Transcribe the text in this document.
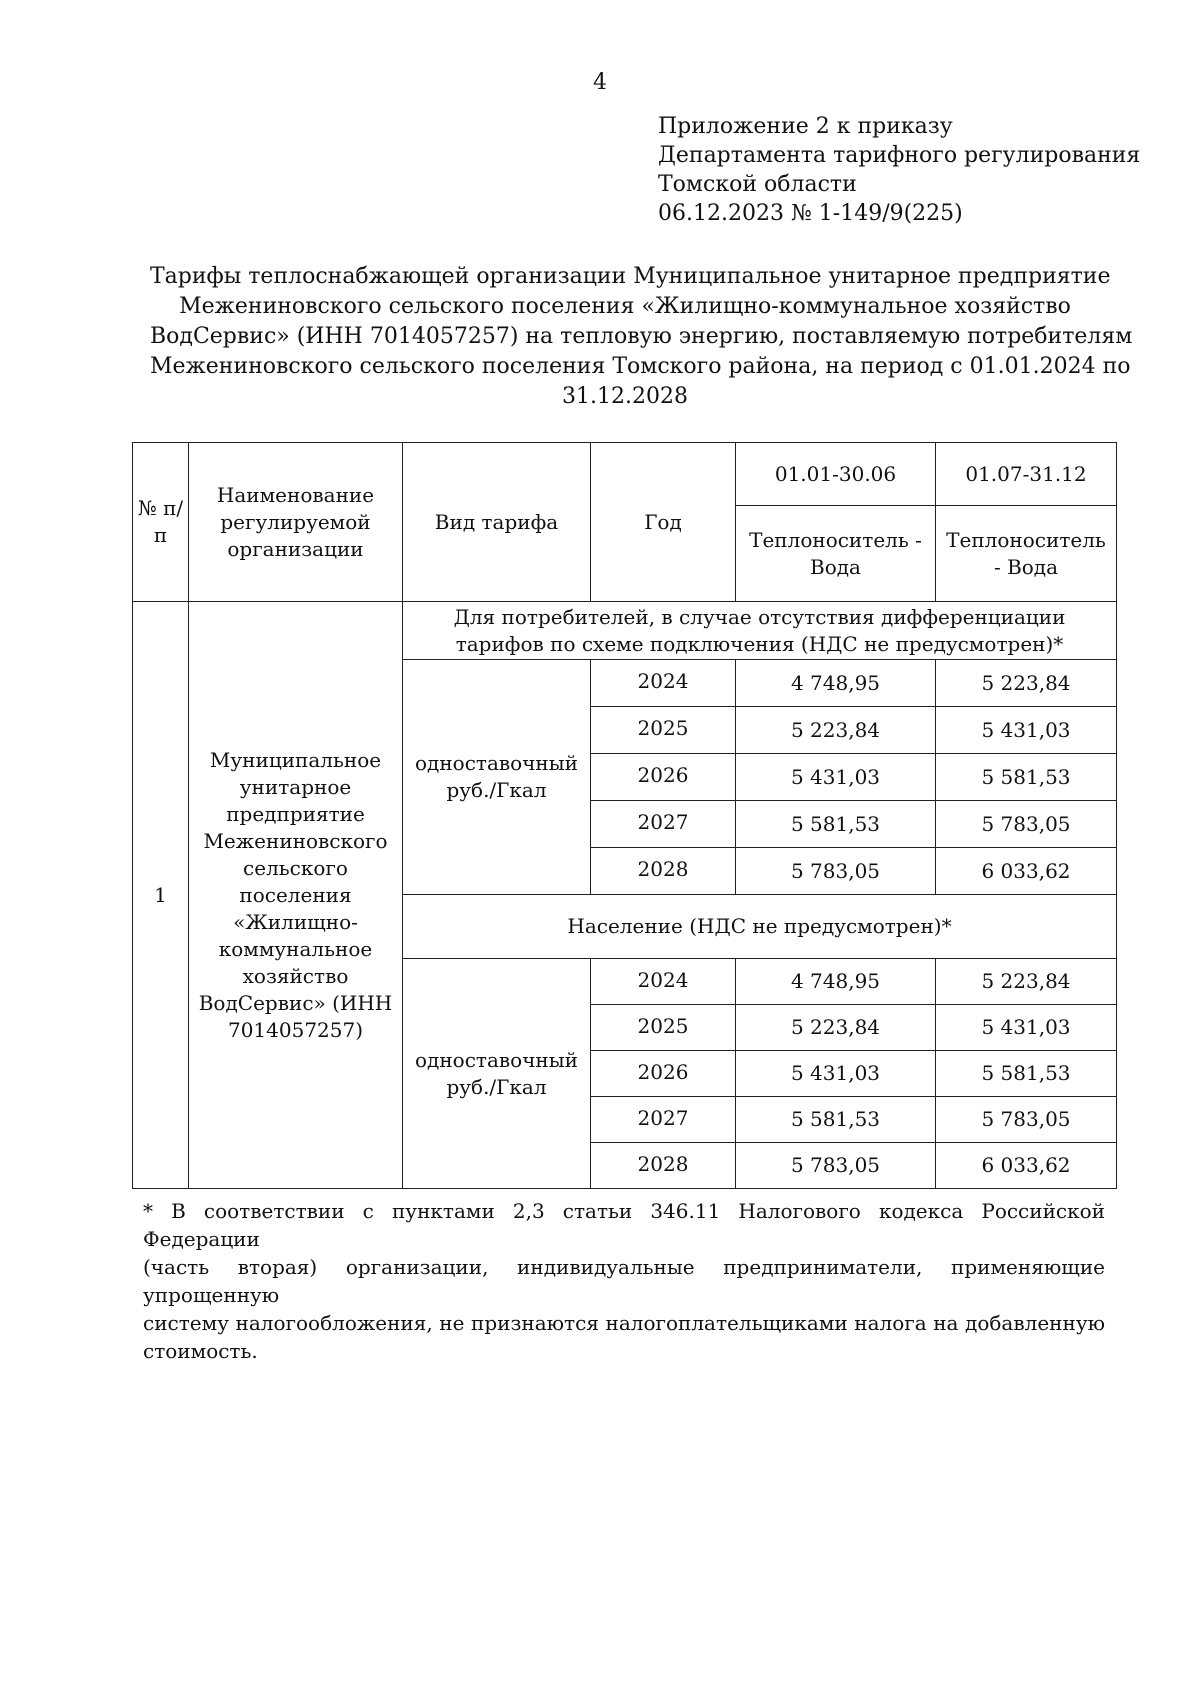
4
Приложение 2 к приказу
Департамента тарифного регулирования
Томской области
06.12.2023 № 1-149/9(225)
Тарифы теплоснабжающей организации Муниципальное унитарное предприятие
Межениновского сельского поселения «Жилищно-коммунальное хозяйство
ВодСервис» (ИНН 7014057257) на тепловую энергию, поставляемую потребителям
Межениновского сельского поселения Томского района, на период с 01.01.2024 по
31.12.2028
№ п/п	Наименование регулируемой организации	Вид тарифа	Год	01.01-30.06	01.07-31.12
				Теплоноситель - Вода	Теплоноситель - Вода
1	Муниципальное унитарное предприятие Межениновского сельского поселения «Жилищно-коммунальное хозяйство ВодСервис» (ИНН 7014057257)	Для потребителей, в случае отсутствия дифференциации тарифов по схеме подключения (НДС не предусмотрен)*			
		одноставочный руб./Гкал	2024	4 748,95	5 223,84
			2025	5 223,84	5 431,03
			2026	5 431,03	5 581,53
			2027	5 581,53	5 783,05
			2028	5 783,05	6 033,62
		Население (НДС не предусмотрен)*			
		одноставочный руб./Гкал	2024	4 748,95	5 223,84
			2025	5 223,84	5 431,03
			2026	5 431,03	5 581,53
			2027	5 581,53	5 783,05
			2028	5 783,05	6 033,62
* В соответствии с пунктами 2,3 статьи 346.11 Налогового кодекса Российской Федерации
(часть вторая) организации, индивидуальные предприниматели, применяющие упрощенную
систему налогообложения, не признаются налогоплательщиками налога на добавленную
стоимость.
